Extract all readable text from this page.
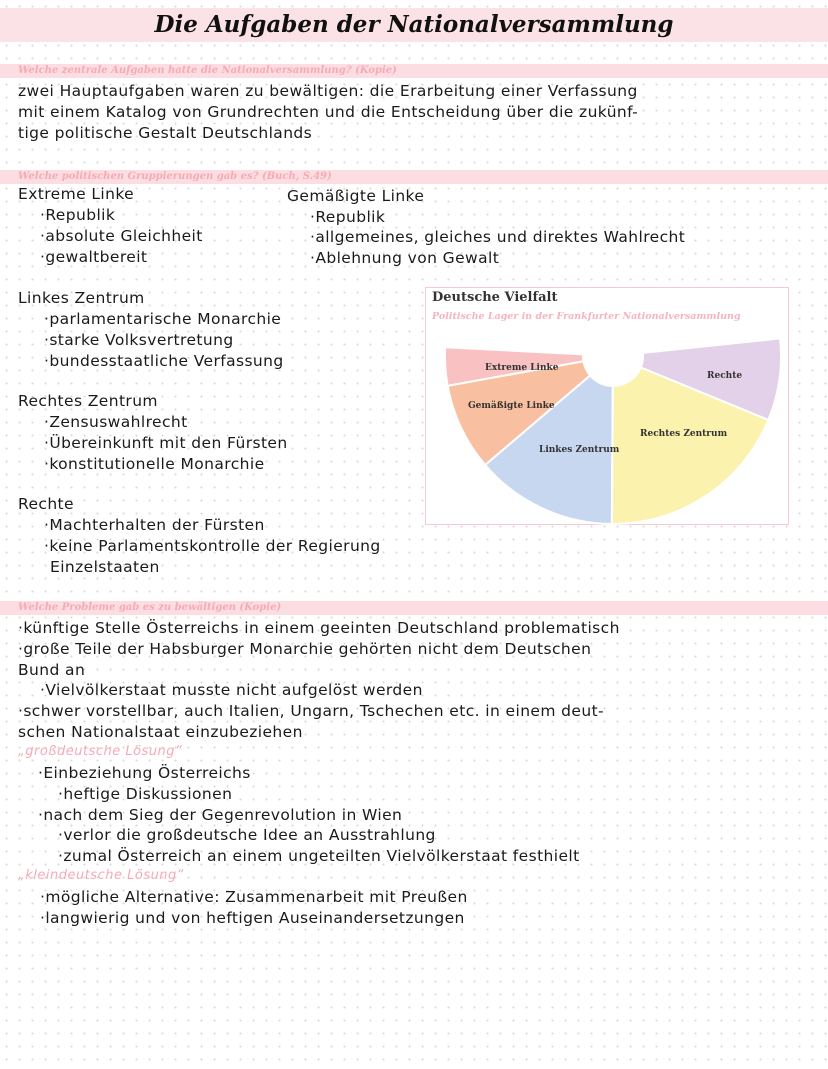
Die Aufgaben der Nationalversammlung
Welche zentrale Aufgaben hatte die Nationalversammlung? (Kopie)
zwei Hauptaufgaben waren zu bewältigen: die Erarbeitung einer Verfassung
mit einem Katalog von Grundrechten und die Entscheidung über die zukünf-
tige politische Gestalt Deutschlands
Welche politischen Gruppierungen gab es? (Buch, S.49)
Extreme Linke
·Republik
·absolute Gleichheit
·gewaltbereit
Gemäßigte Linke
·Republik
·allgemeines, gleiches und direktes Wahlrecht
·Ablehnung von Gewalt
Linkes Zentrum
·parlamentarische Monarchie
·starke Volksvertretung
·bundesstaatliche Verfassung
Rechtes Zentrum
·Zensuswahlrecht
·Übereinkunft mit den Fürsten
·konstitutionelle Monarchie
Rechte
·Machterhalten der Fürsten
·keine Parlamentskontrolle der Regierung
Einzelstaaten
Deutsche Vielfalt
Politische Lager in der Frankfurter Nationalversammlung
Extreme Linke
Gemäßigte Linke
Linkes Zentrum
Rechtes Zentrum
Rechte
Welche Probleme gab es zu bewältigen (Kopie)
·künftige Stelle Österreichs in einem geeinten Deutschland problematisch
·große Teile der Habsburger Monarchie gehörten nicht dem Deutschen
Bund an
·Vielvölkerstaat musste nicht aufgelöst werden
·schwer vorstellbar, auch Italien, Ungarn, Tschechen etc. in einem deut-
schen Nationalstaat einzubeziehen
„großdeutsche Lösung“
·Einbeziehung Österreichs
·heftige Diskussionen
·nach dem Sieg der Gegenrevolution in Wien
·verlor die großdeutsche Idee an Ausstrahlung
·zumal Österreich an einem ungeteilten Vielvölkerstaat festhielt
„kleindeutsche Lösung“
·mögliche Alternative: Zusammenarbeit mit Preußen
·langwierig und von heftigen Auseinandersetzungen
